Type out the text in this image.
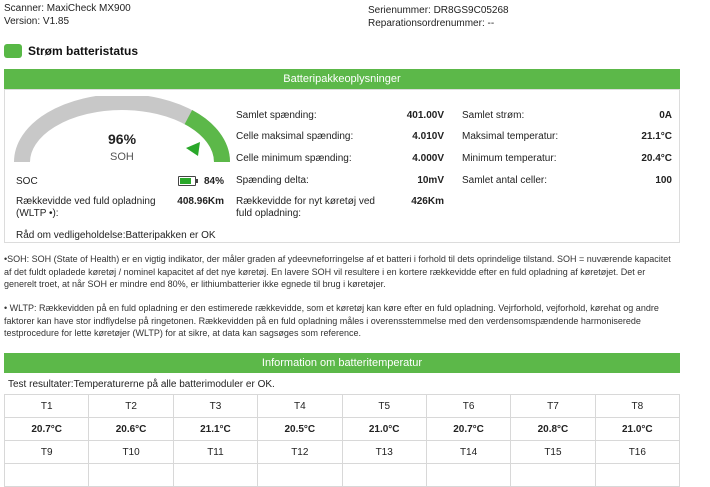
Scanner: MaxiCheck MX900
Version: V1.85
Serienummer: DR8GS9C05268
Reparationsordrenummer: --
Strøm batteristatus
Batteripakkeoplysninger
96%
SOH
SOC	84%
Rækkevidde ved fuld opladning (WLTP •):
408.96Km
Råd om vedligeholdelse:Batteripakken er OK
Samlet spænding:	401.00V
Celle maksimal spænding:	4.010V
Celle minimum spænding:	4.000V
Spænding delta:	10mV
Rækkevidde for nyt køretøj ved fuld opladning:
426Km
Samlet strøm:	0A
Maksimal temperatur:	21.1°C
Minimum temperatur:	20.4°C
Samlet antal celler:	100
•SOH: SOH (State of Health) er en vigtig indikator, der måler graden af ydeevneforringelse af et batteri i forhold til dets oprindelige tilstand. SOH = nuværende kapacitet af det fuldt opladede køretøj / nominel kapacitet af det nye køretøj. En lavere SOH vil resultere i en kortere rækkevidde efter en fuld opladning af køretøjet. Det er generelt troet, at når SOH er mindre end 80%, er lithiumbatterier ikke egnede til brug i køretøjer.
• WLTP: Rækkevidden på en fuld opladning er den estimerede rækkevidde, som et køretøj kan køre efter en fuld opladning. Vejrforhold, vejforhold, kørehat og andre faktorer kan have stor indflydelse på ringetonen. Rækkevidden på en fuld opladning måles i overensstemmelse med den verdensomspændende harmoniserede testprocedure for lette køretøjer (WLTP) for at sikre, at data kan sagsøges som reference.
Information om batteritemperatur
Test resultater:Temperaturerne på alle batterimoduler er OK.
T1	T2	T3	T4	T5	T6	T7	T8
20.7°C	20.6°C	21.1°C	20.5°C	21.0°C	20.7°C	20.8°C	21.0°C
T9	T10	T11	T12	T13	T14	T15	T16
